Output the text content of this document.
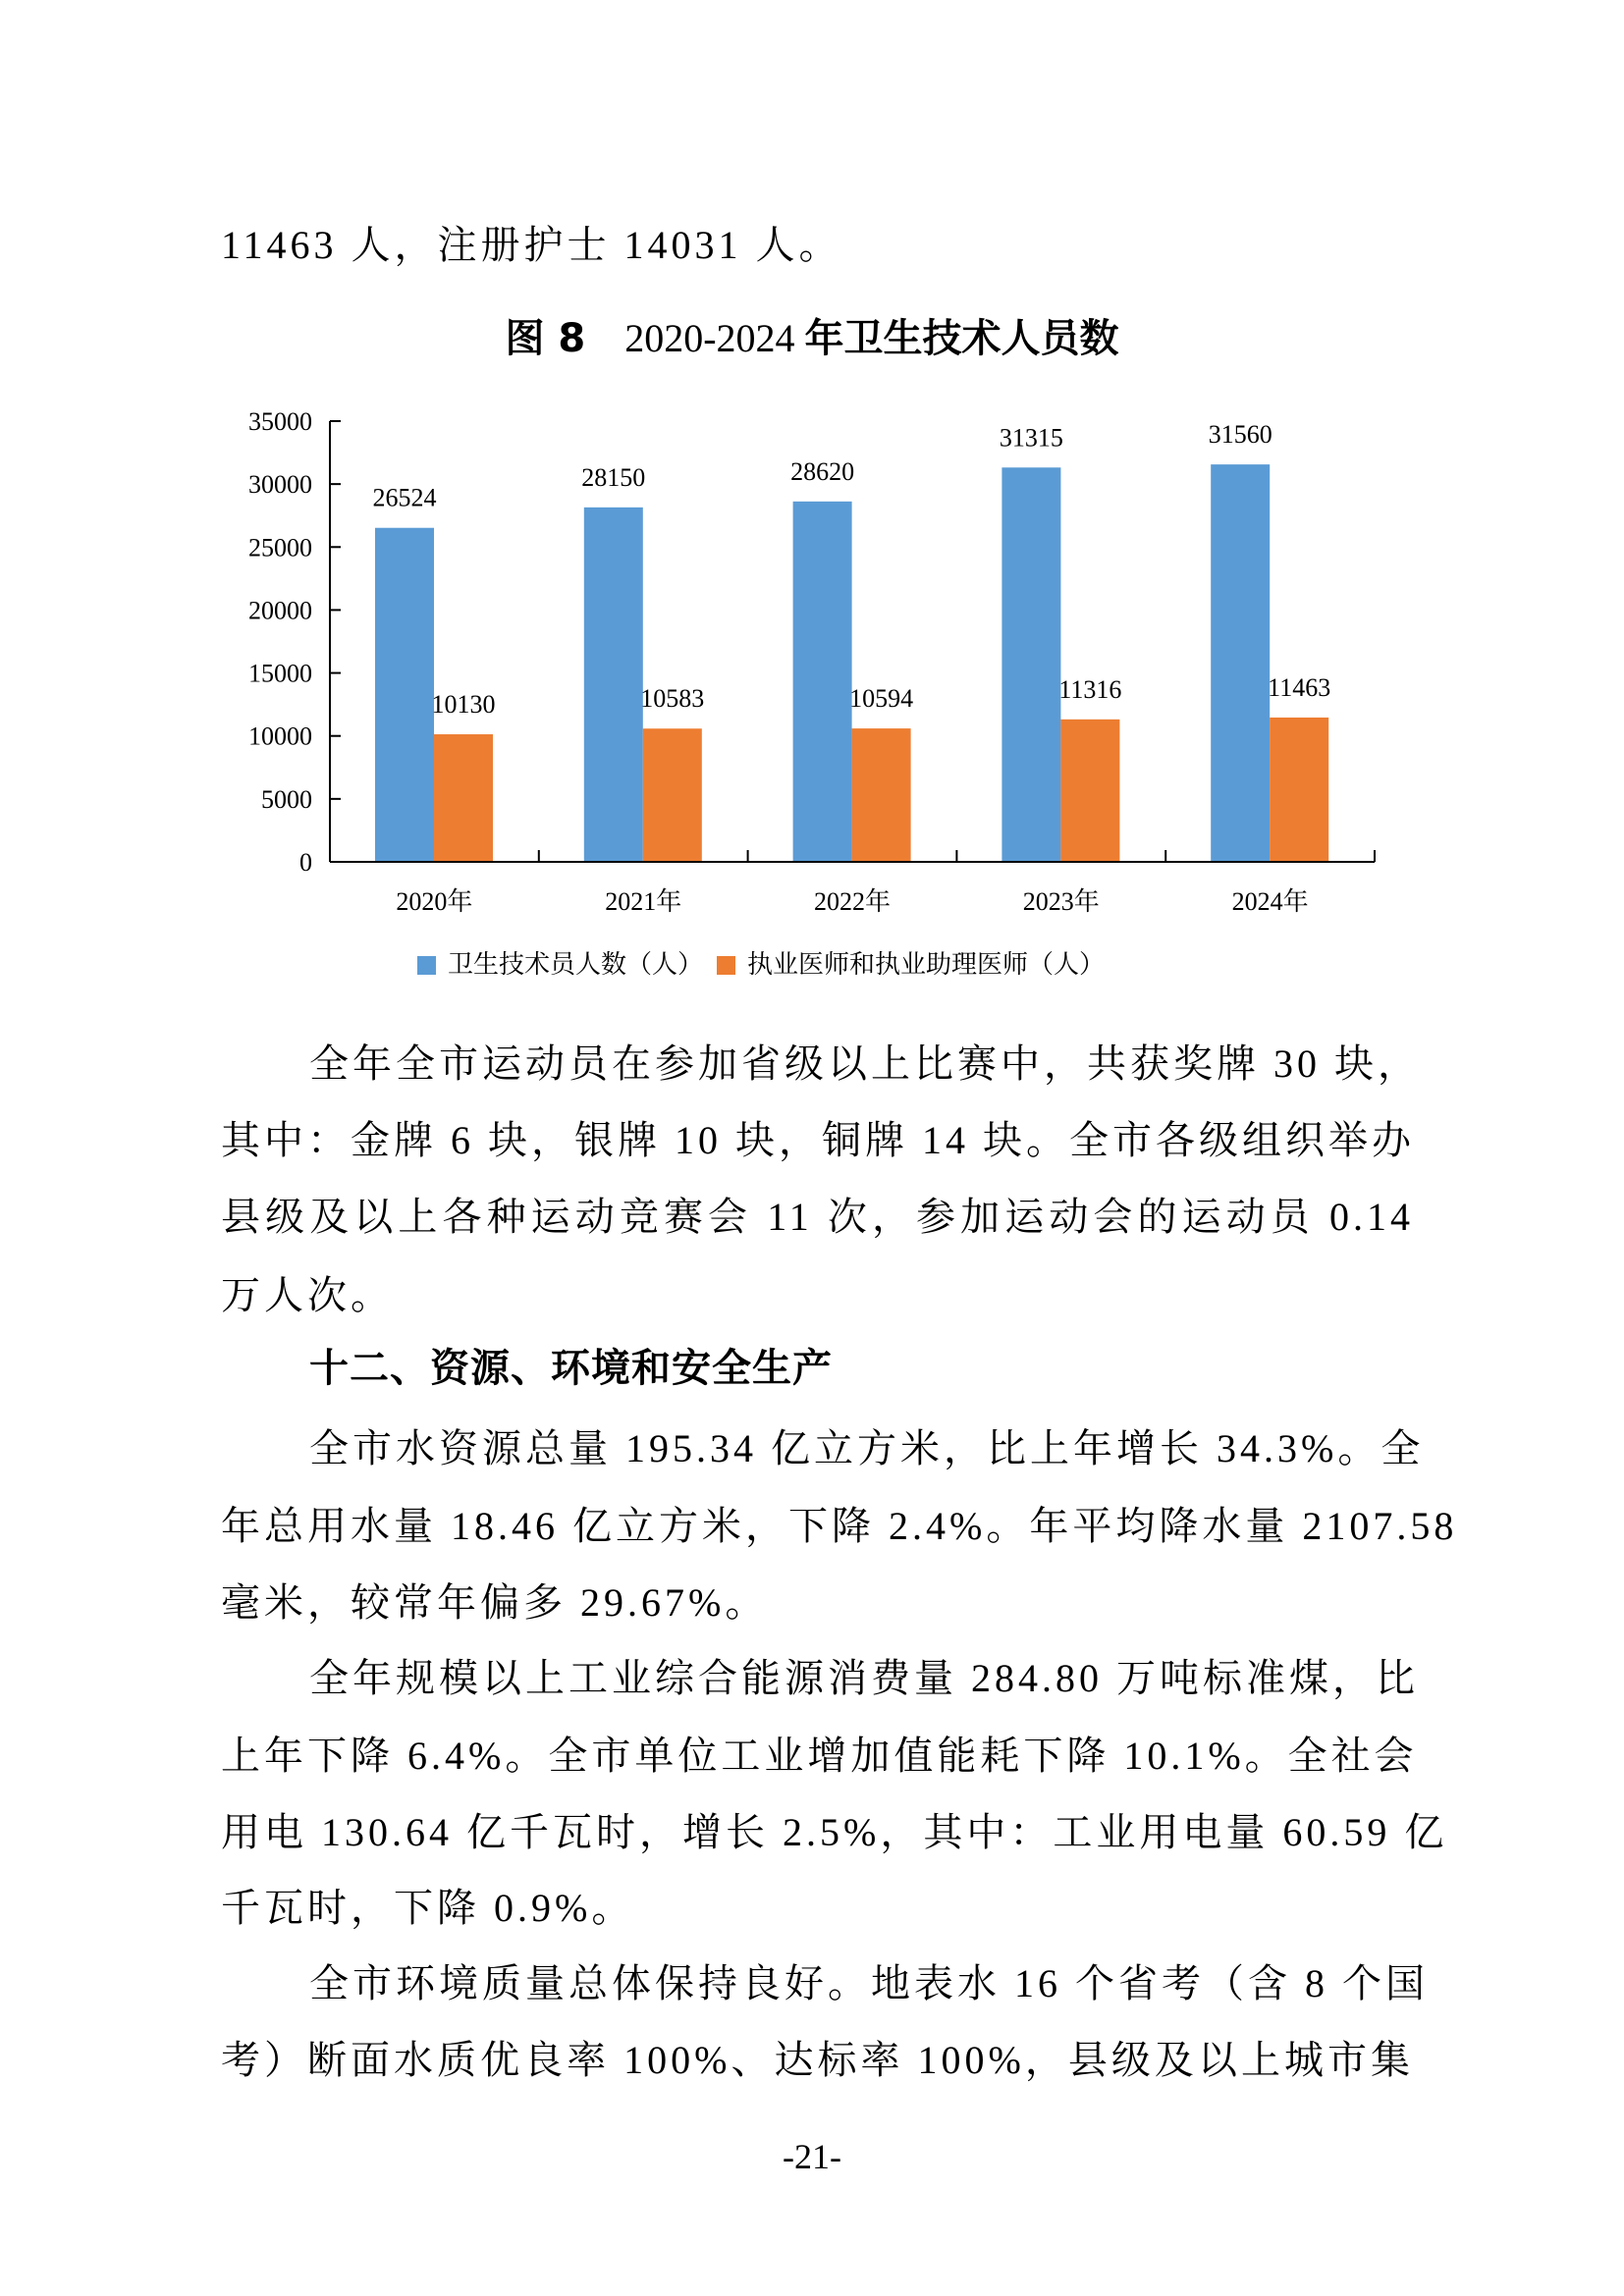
11463 人，注册护士 14031 人。
图 8 2020-2024 年卫生技术人员数
26524
10130
2020年
28150
10583
2021年
28620
10594
2022年
31315
11316
2023年
31560
11463
2024年
0
5000
10000
15000
20000
25000
30000
35000
卫生技术员人数（人） 执业医师和执业助理医师（人）
全年全市运动员在参加省级以上比赛中，共获奖牌 30 块，
其中：金牌 6 块，银牌 10 块，铜牌 14 块。全市各级组织举办
县级及以上各种运动竞赛会 11 次，参加运动会的运动员 0.14
万人次。
十二、资源、环境和安全生产
全市水资源总量 195.34 亿立方米，比上年增长 34.3%。全
年总用水量 18.46 亿立方米，下降 2.4%。年平均降水量 2107.58
毫米，较常年偏多 29.67%。
全年规模以上工业综合能源消费量 284.80 万吨标准煤，比
上年下降 6.4%。全市单位工业增加值能耗下降 10.1%。全社会
用电 130.64 亿千瓦时，增长 2.5%，其中：工业用电量 60.59 亿
千瓦时，下降 0.9%。
全市环境质量总体保持良好。地表水 16 个省考（含 8 个国
考）断面水质优良率 100%、达标率 100%，县级及以上城市集
-21-
